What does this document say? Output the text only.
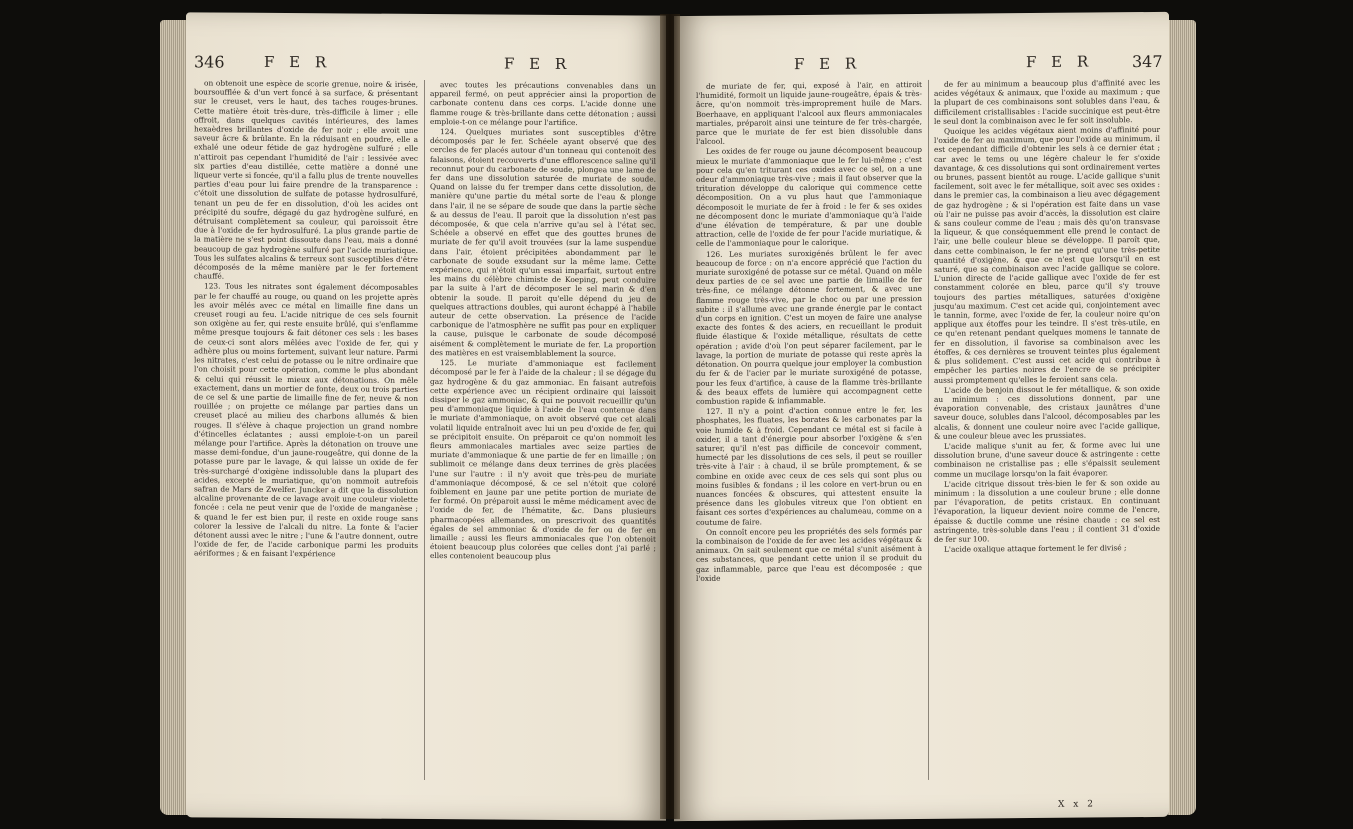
346	F E R	F E R

on obtenoit une espèce de scorie grenue, noire & irisée, boursoufflée & d'un vert foncé à sa surface, & présentant sur le creuset, vers le haut, des taches rouges-brunes. Cette matière étoit très-dure, très-difficile à limer ; elle offroit, dans quelques cavités intérieures, des lames hexaèdres brillantes d'oxide de fer noir ; elle avoit une saveur âcre & brûlante. En la réduisant en poudre, elle a exhalé une odeur fétide de gaz hydrogène sulfuré ; elle n'attiroit pas cependant l'humidité de l'air : lessivée avec six parties d'eau distillée, cette matière a donné une liqueur verte si foncée, qu'il a fallu plus de trente nouvelles parties d'eau pour lui faire prendre de la transparence : c'étoit une dissolution de sulfate de potasse hydrosulfuré, tenant un peu de fer en dissolution, d'où les acides ont précipité du soufre, dégagé du gaz hydrogène sulfuré, en détruisant complètement sa couleur, qui paroissoit être due à l'oxide de fer hydrosulfuré. La plus grande partie de la matière ne s'est point dissoute dans l'eau, mais a donné beaucoup de gaz hydrogène sulfuré par l'acide muriatique. Tous les sulfates alcalins & terreux sont susceptibles d'être décomposés de la même manière par le fer fortement chauffé.

123. Tous les nitrates sont également décomposables par le fer chauffé au rouge, ou quand on les projette après les avoir mêlés avec ce métal en limaille fine dans un creuset rougi au feu. L'acide nitrique de ces sels fournit son oxigène au fer, qui reste ensuite brûlé, qui s'enflamme même presque toujours & fait détoner ces sels : les bases de ceux-ci sont alors mêlées avec l'oxide de fer, qui y adhère plus ou moins fortement, suivant leur nature. Parmi les nitrates, c'est celui de potasse ou le nitre ordinaire que l'on choisit pour cette opération, comme le plus abondant & celui qui réussit le mieux aux détonations. On mêle exactement, dans un mortier de fonte, deux ou trois parties de ce sel & une partie de limaille fine de fer, neuve & non rouillée ; on projette ce mélange par parties dans un creuset placé au milieu des charbons allumés & bien rouges. Il s'élève à chaque projection un grand nombre d'étincelles éclatantes ; aussi emploie-t-on un pareil mélange pour l'artifice. Après la détonation on trouve une masse demi-fondue, d'un jaune-rougeâtre, qui donne de la potasse pure par le lavage, & qui laisse un oxide de fer très-surchargé d'oxigène indissoluble dans la plupart des acides, excepté le muriatique, qu'on nommoit autrefois safran de Mars de Zwelfer. Juncker a dit que la dissolution alcaline provenante de ce lavage avoit une couleur violette foncée : cela ne peut venir que de l'oxide de manganèse ; & quand le fer est bien pur, il reste en oxide rouge sans colorer la lessive de l'alcali du nitre. La fonte & l'acier détonent aussi avec le nitre ; l'une & l'autre donnent, outre l'oxide de fer, de l'acide carbonique parmi les produits aériformes ; & en faisant l'expérience

avec toutes les précautions convenables dans un appareil fermé, on peut apprécier ainsi la proportion de carbonate contenu dans ces corps. L'acide donne une flamme rouge & très-brillante dans cette détonation ; aussi emploie-t-on ce mélange pour l'artifice.

124. Quelques muriates sont susceptibles d'être décomposés par le fer. Schéele ayant observé que des cercles de fer placés autour d'un tonneau qui contenoit des falaisons, étoient recouverts d'une efflorescence saline qu'il reconnut pour du carbonate de soude, plongea une lame de fer dans une dissolution saturée de muriate de soude. Quand on laisse du fer tremper dans cette dissolution, de manière qu'une partie du métal sorte de l'eau & plonge dans l'air, il ne se sépare de soude que dans la partie sèche & au dessus de l'eau. Il paroit que la dissolution n'est pas décomposée, & que cela n'arrive qu'au sel à l'état sec. Schéele a observé en effet que des gouttes brunes de muriate de fer qu'il avoit trouvées (sur la lame suspendue dans l'air, étoient précipitées abondamment par le carbonate de soude exsudant sur la même lame. Cette expérience, qui n'étoit qu'un essai imparfait, surtout entre les mains du célèbre chimiste de Koeping, peut conduire par la suite à l'art de décomposer le sel marin & d'en obtenir la soude. Il paroit qu'elle dépend du jeu de quelques attractions doubles, qui auront échappé à l'habile auteur de cette observation. La présence de l'acide carbonique de l'atmosphère ne suffit pas pour en expliquer la cause, puisque le carbonate de soude décomposé aisément & complètement le muriate de fer. La proportion des matières en est vraisemblablement la source.

125. Le muriate d'ammoniaque est facilement décomposé par le fer à l'aide de la chaleur ; il se dégage du gaz hydrogène & du gaz ammoniac. En faisant autrefois cette expérience avec un récipient ordinaire qui laissoit dissiper le gaz ammoniac, & qui ne pouvoit recueillir qu'un peu d'ammoniaque liquide à l'aide de l'eau contenue dans le muriate d'ammoniaque, on avoit observé que cet alcali volatil liquide entraînoit avec lui un peu d'oxide de fer, qui se précipitoit ensuite. On préparoit ce qu'on nommoit les fleurs ammoniacales martiales avec seize parties de muriate d'ammoniaque & une partie de fer en limaille ; on sublimoit ce mélange dans deux terrines de grès placées l'une sur l'autre : il n'y avoit que très-peu de muriate d'ammoniaque décomposé, & ce sel n'étoit que coloré foiblement en jaune par une petite portion de muriate de fer formé. On préparoit aussi le même médicament avec de l'oxide de fer, de l'hématite, &c. Dans plusieurs pharmacopées allemandes, on prescrivoit des quantités égales de sel ammoniac & d'oxide de fer ou de fer en limaille ; aussi les fleurs ammoniacales que l'on obtenoit étoient beaucoup plus colorées que celles dont j'ai parlé ; elles contenoient beaucoup plus

F E R	F E R 347

de muriate de fer, qui, exposé à l'air, en attiroit l'humidité, formoit un liquide jaune-rougeâtre, épais & très-âcre, qu'on nommoit très-improprement huile de Mars. Boerhaave, en appliquant l'alcool aux fleurs ammoniacales martiales, préparoit ainsi une teinture de fer très-chargée, parce que le muriate de fer est bien dissoluble dans l'alcool.

Les oxides de fer rouge ou jaune décomposent beaucoup mieux le muriate d'ammoniaque que le fer lui-même ; c'est pour cela qu'en triturant ces oxides avec ce sel, on a une odeur d'ammoniaque très-vive ; mais il faut observer que la trituration développe du calorique qui commence cette décomposition. On a vu plus haut que l'ammoniaque décomposoit le muriate de fer à froid : le fer & ses oxides ne décomposent donc le muriate d'ammoniaque qu'à l'aide d'une élévation de température, & par une double attraction, celle de l'oxide de fer pour l'acide muriatique, & celle de l'ammoniaque pour le calorique.

126. Les muriates suroxigénés brûlent le fer avec beaucoup de force : on n'a encore apprécié que l'action du muriate suroxigéné de potasse sur ce métal. Quand on mêle deux parties de ce sel avec une partie de limaille de fer très-fine, ce mélange détonne fortement, & avec une flamme rouge très-vive, par le choc ou par une pression subite : il s'allume avec une grande énergie par le contact d'un corps en ignition. C'est un moyen de faire une analyse exacte des fontes & des aciers, en recueillant le produit fluide élastique & l'oxide métallique, résultats de cette opération ; avide d'où l'on peut séparer facilement, par le lavage, la portion de muriate de potasse qui reste après la détonation. On pourra quelque jour employer la combustion du fer & de l'acier par le muriate suroxigéné de potasse, pour les feux d'artifice, à cause de la flamme très-brillante & des beaux effets de lumière qui accompagnent cette combustion rapide & infiammable.

127. Il n'y a point d'action connue entre le fer, les phosphates, les fluates, les borates & les carbonates par la voie humide & à froid. Cependant ce métal est si facile à oxider, il a tant d'énergie pour absorber l'oxigène & s'en saturer, qu'il n'est pas difficile de concevoir comment, humecté par les dissolutions de ces sels, il peut se rouiller très-vite à l'air : à chaud, il se brûle promptement, & se combine en oxide avec ceux de ces sels qui sont plus ou moins fusibles & fondans ; il les colore en vert-brun ou en nuances foncées & obscures, qui attestent ensuite la présence dans les globules vitreux que l'on obtient en faisant ces sortes d'expériences au chalumeau, comme on a coutume de faire.

On connoît encore peu les propriétés des sels formés par la combinaison de l'oxide de fer avec les acides végétaux & animaux. On sait seulement que ce métal s'unit aisément à ces substances, que pendant cette union il se produit du gaz inflammable, parce que l'eau est décomposée ; que l'oxide

de fer au minimum a beaucoup plus d'affinité avec les acides végétaux & animaux, que l'oxide au maximum ; que la plupart de ces combinaisons sont solubles dans l'eau, & difficilement cristallisables : l'acide succinique est peut-être le seul dont la combinaison avec le fer soit insoluble.

Quoique les acides végétaux aient moins d'affinité pour l'oxide de fer au maximum, que pour l'oxide au minimum, il est cependant difficile d'obtenir les sels à ce dernier état ; car avec le tems ou une légère chaleur le fer s'oxide davantage, & ces dissolutions qui sont ordinairement vertes ou brunes, passent bientôt au rouge. L'acide gallique s'unit facilement, soit avec le fer métallique, soit avec ses oxides : dans le premier cas, la combinaison a lieu avec dégagement de gaz hydrogène ; & si l'opération est faite dans un vase où l'air ne puisse pas avoir d'accès, la dissolution est claire & sans couleur comme de l'eau ; mais dès qu'on transvase la liqueur, & que conséquemment elle prend le contact de l'air, une belle couleur bleue se développe. Il paroît que, dans cette combinaison, le fer ne prend qu'une très-petite quantité d'oxigène, & que ce n'est que lorsqu'il en est saturé, que sa combinaison avec l'acide gallique se colore. L'union directe de l'acide gallique avec l'oxide de fer est constamment colorée en bleu, parce qu'il s'y trouve toujours des parties métalliques, saturées d'oxigène jusqu'au maximum. C'est cet acide qui, conjointement avec le tannin, forme, avec l'oxide de fer, la couleur noire qu'on applique aux étoffes pour les teindre. Il s'est très-utile, en ce qu'en retenant pendant quelques momens le tannate de fer en dissolution, il favorise sa combinaison avec les étoffes, & ces dernières se trouvent teintes plus également & plus solidement. C'est aussi cet acide qui contribue à empêcher les parties noires de l'encre de se précipiter aussi promptement qu'elles le feroient sans cela.

L'acide de benjoin dissout le fer métallique, & son oxide au minimum : ces dissolutions donnent, par une évaporation convenable, des cristaux jaunâtres d'une saveur douce, solubles dans l'alcool, décomposables par les alcalis, & donnent une couleur noire avec l'acide gallique, & une couleur bleue avec les prussiates.

L'acide malique s'unit au fer, & forme avec lui une dissolution brune, d'une saveur douce & astringente : cette combinaison ne cristallise pas ; elle s'épaissit seulement comme un mucilage lorsqu'on la fait évaporer.

L'acide citrique dissout très-bien le fer & son oxide au minimum : la dissolution a une couleur brune ; elle donne par l'évaporation, de petits cristaux. En continuant l'évaporation, la liqueur devient noire comme de l'encre, épaisse & ductile comme une résine chaude : ce sel est astringente, très-soluble dans l'eau ; il contient 31 d'oxide de fer sur 100.

L'acide oxalique attaque fortement le fer divisé ;

X x 2
